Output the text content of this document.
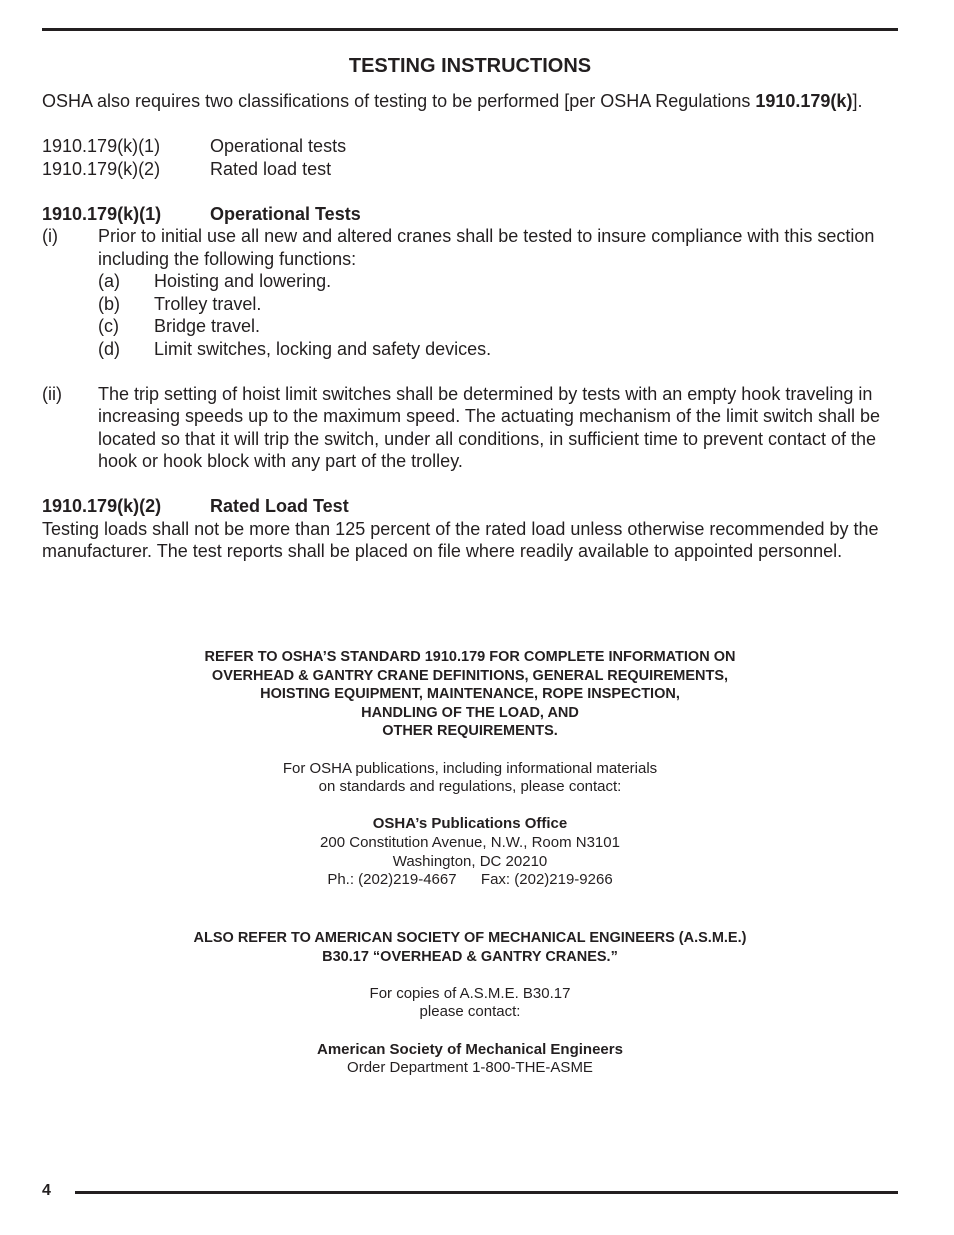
TESTING INSTRUCTIONS

OSHA also requires two classifications of testing to be performed [per OSHA Regulations 1910.179(k)].

1910.179(k)(1)	Operational tests
1910.179(k)(2)	Rated load test
1910.179(k)(1)	Operational Tests
(i)	Prior to initial use all new and altered cranes shall be tested to insure compliance with this section including the following functions:
(a)	Hoisting and lowering.
(b)	Trolley travel.
(c)	Bridge travel.
(d)	Limit switches, locking and safety devices.
(ii)	The trip setting of hoist limit switches shall be determined by tests with an empty hook traveling in increasing speeds up to the maximum speed. The actuating mechanism of the limit switch shall be located so that it will trip the switch, under all conditions, in sufficient time to prevent contact of the hook or hook block with any part of the trolley.
1910.179(k)(2)	Rated Load Test

Testing loads shall not be more than 125 percent of the rated load unless otherwise recommended by the manufacturer. The test reports shall be placed on file where readily available to appointed personnel.

REFER TO OSHA’S STANDARD 1910.179 FOR COMPLETE INFORMATION ON
OVERHEAD & GANTRY CRANE DEFINITIONS, GENERAL REQUIREMENTS,
HOISTING EQUIPMENT, MAINTENANCE, ROPE INSPECTION,
HANDLING OF THE LOAD, AND
OTHER REQUIREMENTS.
For OSHA publications, including informational materials
on standards and regulations, please contact:
OSHA’s Publications Office
200 Constitution Avenue, N.W., Room N3101
Washington, DC 20210
Ph.: (202)219-4667 Fax: (202)219-9266
ALSO REFER TO AMERICAN SOCIETY OF MECHANICAL ENGINEERS (A.S.M.E.)
B30.17 “OVERHEAD & GANTRY CRANES.”
For copies of A.S.M.E. B30.17
please contact:
American Society of Mechanical Engineers
Order Department 1-800-THE-ASME
4
